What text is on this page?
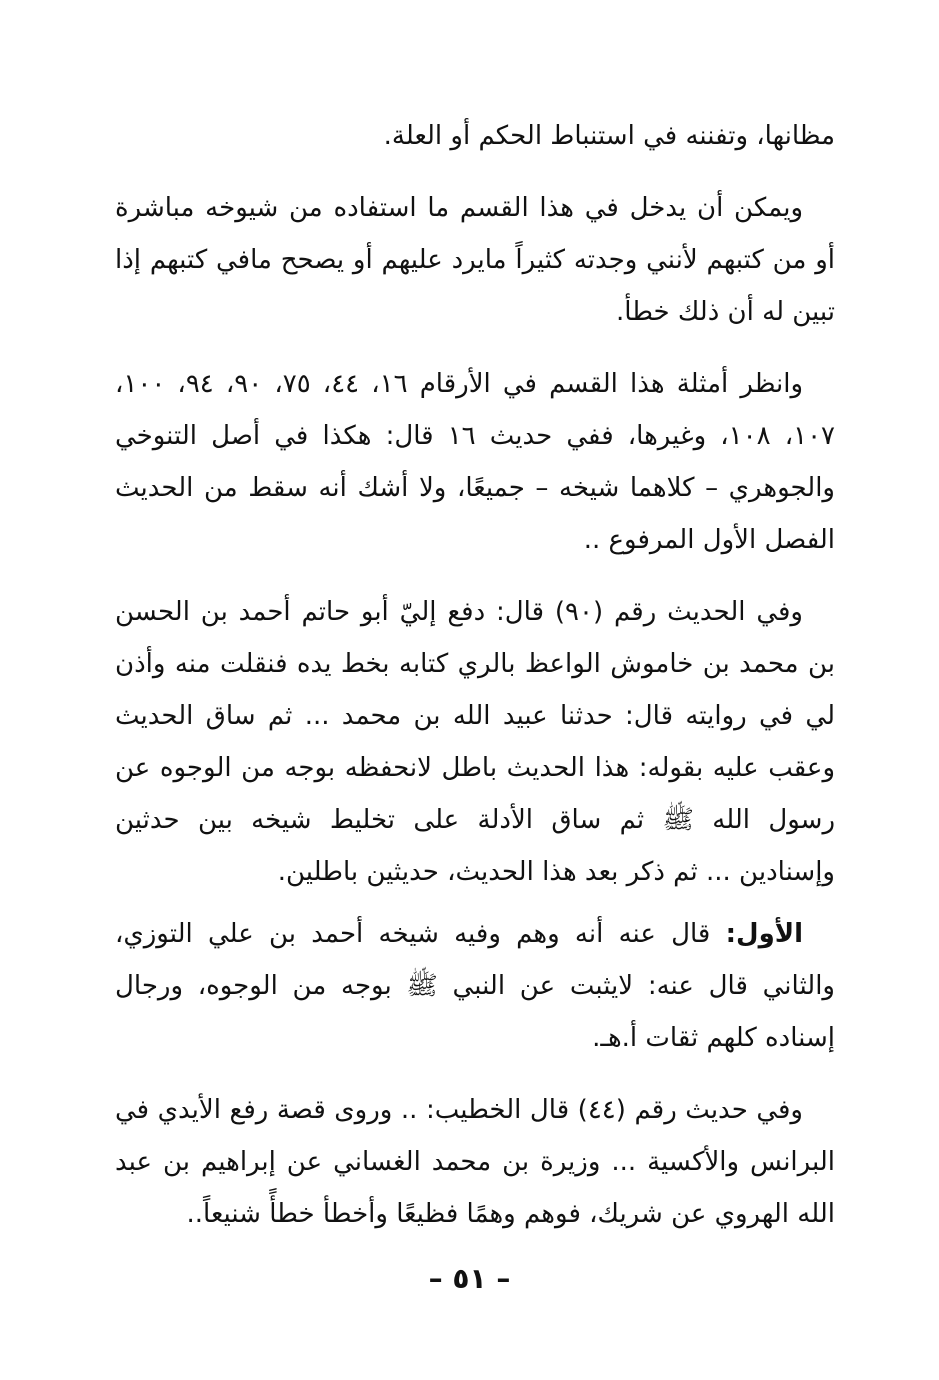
مظانها، وتفننه في استنباط الحكم أو العلة.

ويمكن أن يدخل في هذا القسم ما استفاده من شيوخه مباشرة أو من كتبهم لأنني وجدته كثيراً مايرد عليهم أو يصحح مافي كتبهم إذا تبين له أن ذلك خطأ.

وانظر أمثلة هذا القسم في الأرقام ١٦، ٤٤، ٧٥، ٩٠، ٩٤، ١٠٠، ١٠٧، ١٠٨، وغيرها، ففي حديث ١٦ قال: هكذا في أصل التنوخي والجوهري – كلاهما شيخه – جميعًا، ولا أشك أنه سقط من الحديث الفصل الأول المرفوع ..

وفي الحديث رقم (٩٠) قال: دفع إليّ أبو حاتم أحمد بن الحسن بن محمد بن خاموش الواعظ بالري كتابه بخط يده فنقلت منه وأذن لي في روايته قال: حدثنا عبيد الله بن محمد ... ثم ساق الحديث وعقب عليه بقوله: هذا الحديث باطل لانحفظه بوجه من الوجوه عن رسول الله ﷺ ثم ساق الأدلة على تخليط شيخه بين حدثين وإسنادين ... ثم ذكر بعد هذا الحديث، حديثين باطلين.

الأول: قال عنه أنه وهم وفيه شيخه أحمد بن علي التوزي، والثاني قال عنه: لايثبت عن النبي ﷺ بوجه من الوجوه، ورجال إسناده كلهم ثقات أ.هـ.

وفي حديث رقم (٤٤) قال الخطيب: .. وروى قصة رفع الأيدي في البرانس والأكسية ... وزيرة بن محمد الغساني عن إبراهيم بن عبد الله الهروي عن شريك، فوهم وهمًا فظيعًا وأخطأ خطأً شنيعاً..

– ٥١ –
